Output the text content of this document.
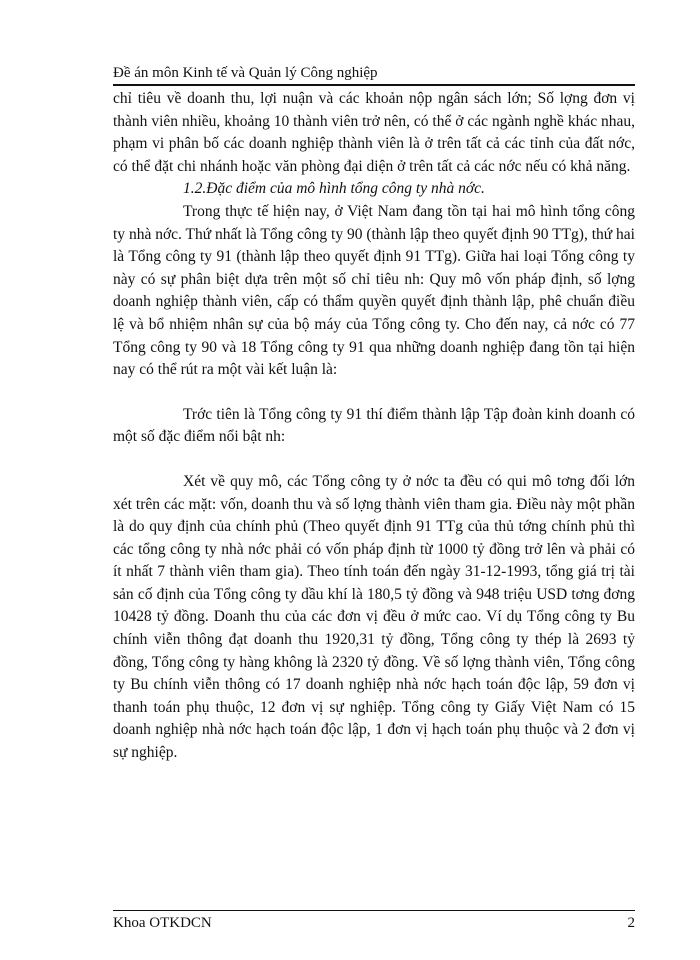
Đề án môn Kinh tế và Quản lý Công nghiệp

chỉ tiêu về doanh thu, lợi nuận và các khoản nộp ngân sách lớn; Số lợng đơn vị thành viên nhiều, khoảng 10 thành viên trở nên, có thể ở các ngành nghề khác nhau, phạm vi phân bố các doanh nghiệp thành viên là ở trên tất cả các tỉnh của đất nớc, có thể đặt chi nhánh hoặc văn phòng đại diện ở trên tất cả các nớc nếu có khả năng.

1.2.Đặc điểm của mô hình tổng công ty nhà nớc.

Trong thực tế hiện nay, ở Việt Nam đang tồn tại hai mô hình tổng công ty nhà nớc. Thứ nhất là Tổng công ty 90 (thành lập theo quyết định 90 TTg), thứ hai là Tổng công ty 91 (thành lập theo quyết định 91 TTg). Giữa hai loại Tổng công ty này có sự phân biệt dựa trên một số chỉ tiêu nh: Quy mô vốn pháp định, số lợng doanh nghiệp thành viên, cấp có thẩm quyền quyết định thành lập, phê chuẩn điều lệ và bổ nhiệm nhân sự của bộ máy của Tổng công ty. Cho đến nay, cả nớc có 77 Tổng công ty 90 và 18 Tổng công ty 91 qua những doanh nghiệp đang tồn tại hiện nay có thể rút ra một vài kết luận là:

Trớc tiên là Tổng công ty 91 thí điểm thành lập Tập đoàn kinh doanh có một số đặc điểm nổi bật nh:

Xét về quy mô, các Tổng công ty ở nớc ta đều có qui mô tơng đối lớn xét trên các mặt: vốn, doanh thu và số lợng thành viên tham gia. Điều này một phần là do quy định của chính phủ (Theo quyết định 91 TTg của thủ tớng chính phủ thì các tổng công ty nhà nớc phải có vốn pháp định từ 1000 tỷ đồng trở lên và phải có ít nhất 7 thành viên tham gia). Theo tính toán đến ngày 31-12-1993, tổng giá trị tài sản cố định của Tổng công ty dầu khí là 180,5 tỷ đồng và 948 triệu USD tơng đơng 10428 tỷ đồng. Doanh thu của các đơn vị đều ở mức cao. Ví dụ Tổng công ty Bu chính viễn thông đạt doanh thu 1920,31 tỷ đồng, Tổng công ty thép là 2693 tỷ đồng, Tổng công ty hàng không là 2320 tỷ đồng. Về số lợng thành viên, Tổng công ty Bu chính viễn thông có 17 doanh nghiệp nhà nớc hạch toán độc lập, 59 đơn vị thanh toán phụ thuộc, 12 đơn vị sự nghiệp. Tổng công ty Giấy Việt Nam có 15 doanh nghiệp nhà nớc hạch toán độc lập, 1 đơn vị hạch toán phụ thuộc và 2 đơn vị sự nghiệp.

Khoa OTKDCN	2
